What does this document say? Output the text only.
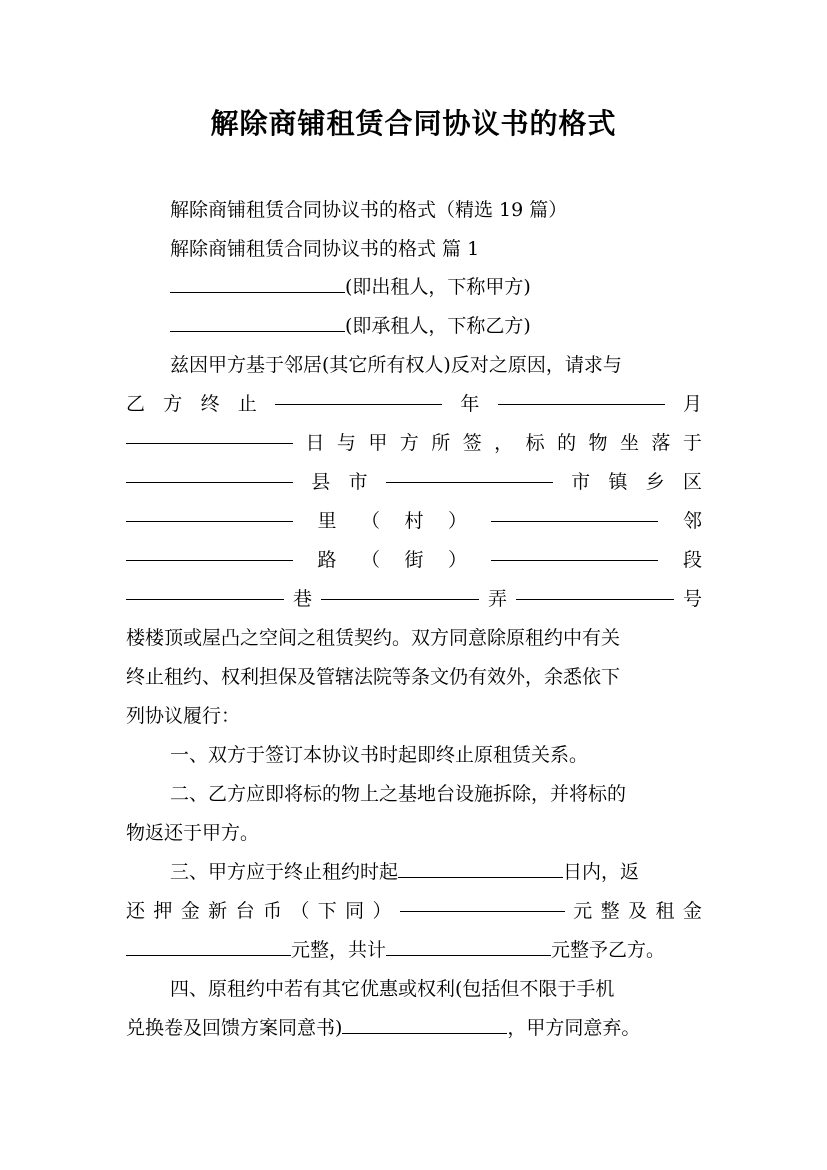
解除商铺租赁合同协议书的格式
解除商铺租赁合同协议书的格式（精选 19 篇）
解除商铺租赁合同协议书的格式 篇 1
(即出租人，下称甲方)
(即承租人，下称乙方)
兹因甲方基于邻居(其它所有权人)反对之原因，请求与
乙 方 终 止	年	月
日 与 甲 方 所 签 ， 标 的 物 坐 落 于
县 市	市 镇 乡 区
里 （ 村 ）	邻
路 （ 街 ）	段
巷	弄	号
楼楼顶或屋凸之空间之租赁契约。双方同意除原租约中有关
终止租约、权利担保及管辖法院等条文仍有效外，余悉依下
列协议履行：
一、双方于签订本协议书时起即终止原租赁关系。
二、乙方应即将标的物上之基地台设施拆除，并将标的
物返还于甲方。
三、甲方应于终止租约时起	日内，返
还 押 金 新 台 币 （ 下 同 ）	元 整 及 租 金
元整，共计	元整予乙方。
四、原租约中若有其它优惠或权利(包括但不限于手机
兑换卷及回馈方案同意书)	，甲方同意弃。
